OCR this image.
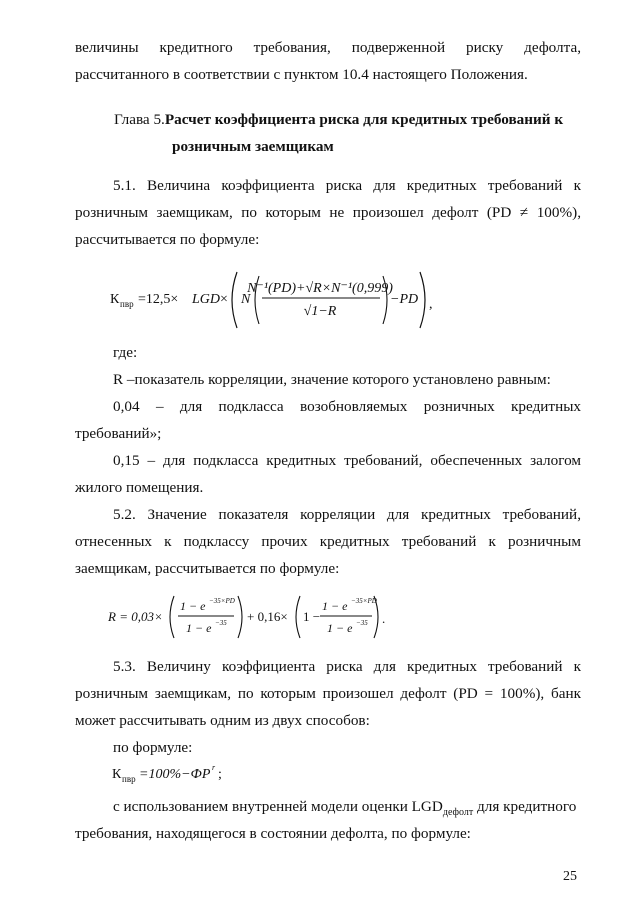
величины кредитного требования, подверженной риску дефолта,
рассчитанного в соответствии с пунктом 10.4 настоящего Положения.
Глава 5.Расчет коэффициента риска для кредитных требований к
розничным заемщикам
5.1. Величина коэффициента риска для кредитных требований к
розничным заемщикам, по которым не произошел дефолт (PD ≠ 100%),
рассчитывается по формуле:
К пвр =12,5× LGD × N
N⁻¹(PD)+√R×N⁻¹(0,999)
√1−R
−PD ,
где:
R –показатель корреляции, значение которого установлено равным:
0,04 – для подкласса возобновляемых розничных кредитных
требований»;
0,15 – для подкласса кредитных требований, обеспеченных залогом
жилого помещения.
5.2. Значение показателя корреляции для кредитных требований,
отнесенных к подклассу прочих кредитных требований к розничным
заемщикам, рассчитывается по формуле:
R = 0,03×
1 − e −35×PD
1 − e −35 + 0,16× 1 −
1 − e −35×PD
1 − e −35 .
5.3. Величину коэффициента риска для кредитных требований к
розничным заемщикам, по которым произошел дефолт (PD = 100%), банк
может рассчитывать одним из двух способов:
по формуле:
К пвр =100%−ФР r ;
с использованием внутренней модели оценки $LGD_{дефолт}$ для кредитного
требования, находящегося в состоянии дефолта, по формуле:
25
